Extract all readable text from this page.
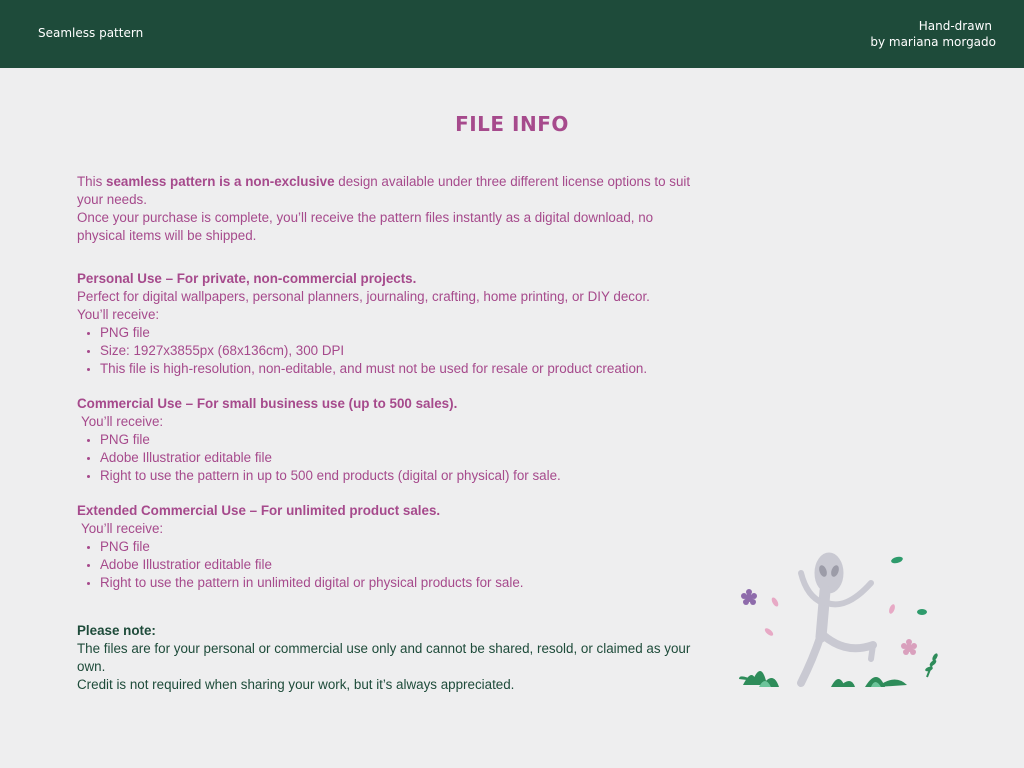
Seamless pattern	Hand-drawn
by mariana morgado
FILE INFO

This seamless pattern is a non-exclusive design available under three different license options to suit your needs.

Once your purchase is complete, you’ll receive the pattern files instantly as a digital download, no physical items will be shipped.

Personal Use – For private, non-commercial projects.

Perfect for digital wallpapers, personal planners, journaling, crafting, home printing, or DIY decor.

You’ll receive:

• PNG file
• Size: 1927x3855px (68x136cm), 300 DPI
• This file is high-resolution, non-editable, and must not be used for resale or product creation.
Commercial Use – For small business use (up to 500 sales).

You’ll receive:

• PNG file
• Adobe Illustratior editable file
• Right to use the pattern in up to 500 end products (digital or physical) for sale.
Extended Commercial Use – For unlimited product sales.

You’ll receive:

• PNG file
• Adobe Illustratior editable file
• Right to use the pattern in unlimited digital or physical products for sale.
Please note:

The files are for your personal or commercial use only and cannot be shared, resold, or claimed as your own.

Credit is not required when sharing your work, but it’s always appreciated.
